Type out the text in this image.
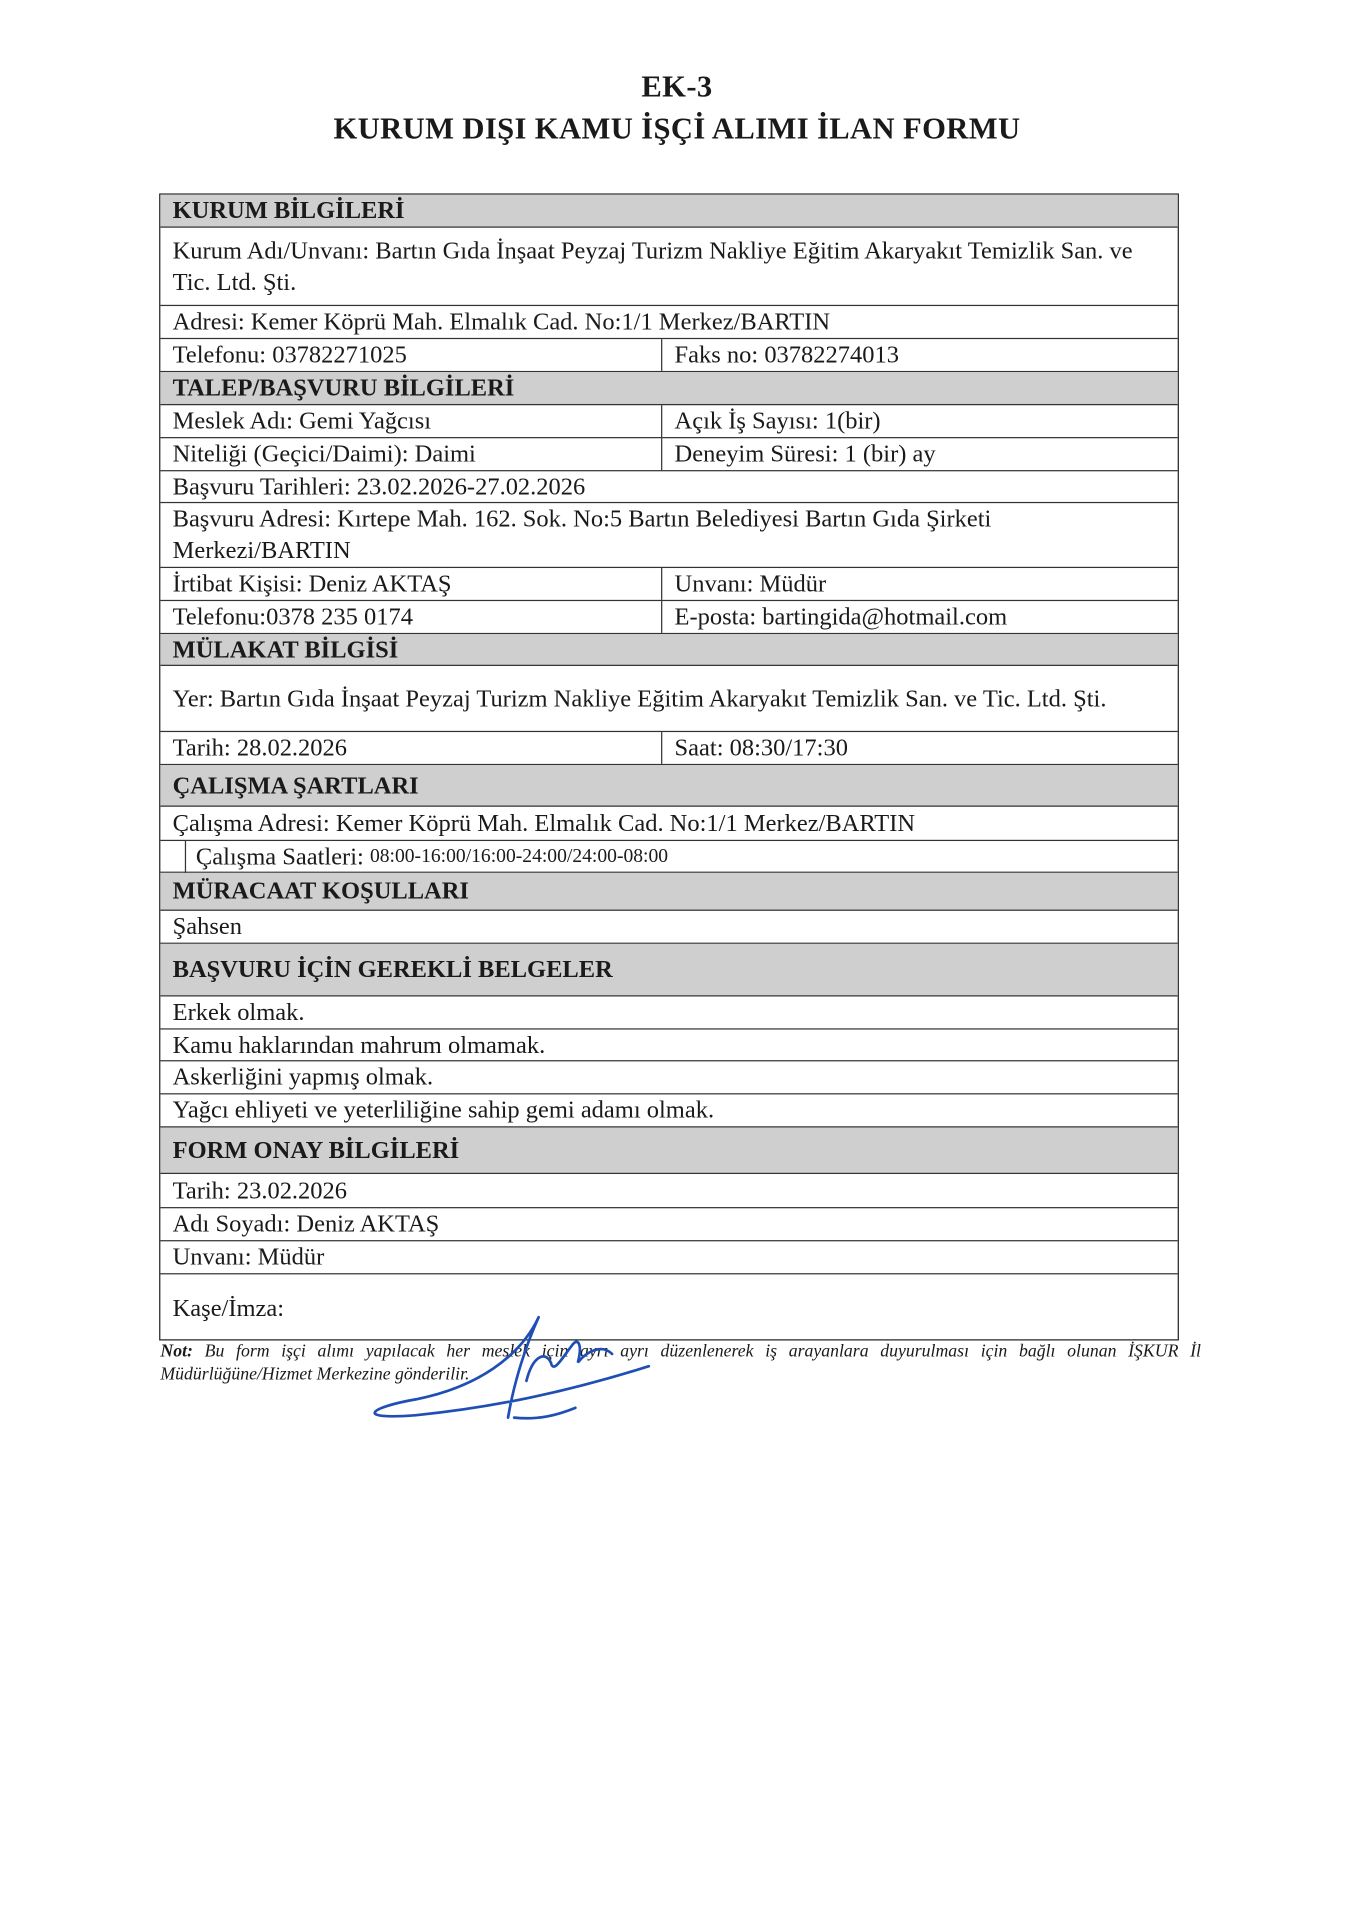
EK-3
KURUM DIŞI KAMU İŞÇİ ALIMI İLAN FORMU
KURUM BİLGİLERİ
Kurum Adı/Unvanı: Bartın Gıda İnşaat Peyzaj Turizm Nakliye Eğitim Akaryakıt Temizlik San. ve Tic. Ltd. Şti.
Adresi: Kemer Köprü Mah. Elmalık Cad. No:1/1 Merkez/BARTIN
Telefonu: 03782271025	Faks no: 03782274013
TALEP/BAŞVURU BİLGİLERİ
Meslek Adı: Gemi Yağcısı	Açık İş Sayısı: 1(bir)
Niteliği (Geçici/Daimi): Daimi	Deneyim Süresi: 1 (bir) ay
Başvuru Tarihleri: 23.02.2026-27.02.2026
Başvuru Adresi: Kırtepe Mah. 162. Sok. No:5 Bartın Belediyesi Bartın Gıda Şirketi Merkezi/BARTIN
İrtibat Kişisi: Deniz AKTAŞ	Unvanı: Müdür
Telefonu:0378 235 0174	E-posta: bartingida@hotmail.com
MÜLAKAT BİLGİSİ
Yer: Bartın Gıda İnşaat Peyzaj Turizm Nakliye Eğitim Akaryakıt Temizlik San. ve Tic. Ltd. Şti.
Tarih: 28.02.2026	Saat: 08:30/17:30
ÇALIŞMA ŞARTLARI
Çalışma Adresi: Kemer Köprü Mah. Elmalık Cad. No:1/1 Merkez/BARTIN
Çalışma Saatleri: 08:00-16:00/16:00-24:00/24:00-08:00
MÜRACAAT KOŞULLARI
Şahsen
BAŞVURU İÇİN GEREKLİ BELGELER
Erkek olmak.
Kamu haklarından mahrum olmamak.
Askerliğini yapmış olmak.
Yağcı ehliyeti ve yeterliliğine sahip gemi adamı olmak.
FORM ONAY BİLGİLERİ
Tarih: 23.02.2026
Adı Soyadı: Deniz AKTAŞ
Unvanı: Müdür
Kaşe/İmza:
Not: Bu form işçi alımı yapılacak her meslek için ayrı ayrı düzenlenerek iş arayanlara duyurulması için bağlı olunan İŞKUR İl Müdürlüğüne/Hizmet Merkezine gönderilir.
